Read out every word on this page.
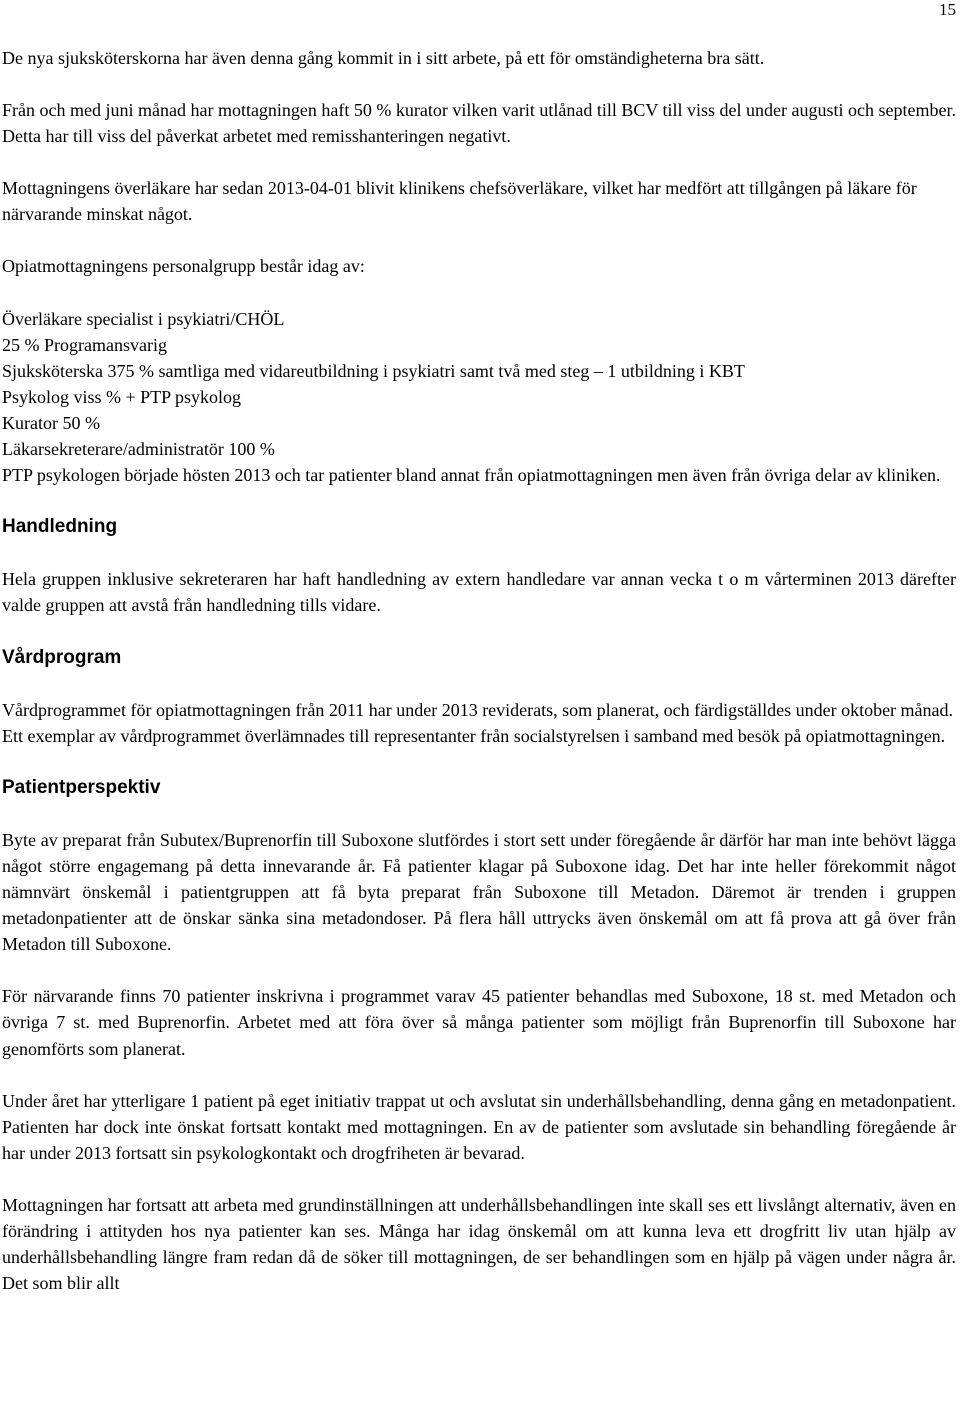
15

De nya sjuksköterskorna har även denna gång kommit in i sitt arbete, på ett för omständigheterna bra sätt.

Från och med juni månad har mottagningen haft 50 % kurator vilken varit utlånad till BCV till viss del under augusti och september. Detta har till viss del påverkat arbetet med remisshanteringen negativt.

Mottagningens överläkare har sedan 2013-04-01 blivit klinikens chefsöverläkare, vilket har medfört att tillgången på läkare för närvarande minskat något.

Opiatmottagningens personalgrupp består idag av:

Överläkare specialist i psykiatri/CHÖL
25 % Programansvarig
Sjuksköterska 375 % samtliga med vidareutbildning i psykiatri samt två med steg – 1 utbildning i KBT
Psykolog viss % + PTP psykolog
Kurator 50 %
Läkarsekreterare/administratör 100 %
PTP psykologen började hösten 2013 och tar patienter bland annat från opiatmottagningen men även från övriga delar av kliniken.
Handledning

Hela gruppen inklusive sekreteraren har haft handledning av extern handledare var annan vecka t o m vårterminen 2013 därefter valde gruppen att avstå från handledning tills vidare.

Vårdprogram

Vårdprogrammet för opiatmottagningen från 2011 har under 2013 reviderats, som planerat, och färdigställdes under oktober månad. Ett exemplar av vårdprogrammet överlämnades till representanter från socialstyrelsen i samband med besök på opiatmottagningen.

Patientperspektiv

Byte av preparat från Subutex/Buprenorfin till Suboxone slutfördes i stort sett under föregående år därför har man inte behövt lägga något större engagemang på detta innevarande år. Få patienter klagar på Suboxone idag. Det har inte heller förekommit något nämnvärt önskemål i patientgruppen att få byta preparat från Suboxone till Metadon. Däremot är trenden i gruppen metadonpatienter att de önskar sänka sina metadondoser. På flera håll uttrycks även önskemål om att få prova att gå över från Metadon till Suboxone.

För närvarande finns 70 patienter inskrivna i programmet varav 45 patienter behandlas med Suboxone, 18 st. med Metadon och övriga 7 st. med Buprenorfin. Arbetet med att föra över så många patienter som möjligt från Buprenorfin till Suboxone har genomförts som planerat.

Under året har ytterligare 1 patient på eget initiativ trappat ut och avslutat sin underhållsbehandling, denna gång en metadonpatient. Patienten har dock inte önskat fortsatt kontakt med mottagningen. En av de patienter som avslutade sin behandling föregående år har under 2013 fortsatt sin psykologkontakt och drogfriheten är bevarad.

Mottagningen har fortsatt att arbeta med grundinställningen att underhållsbehandlingen inte skall ses ett livslångt alternativ, även en förändring i attityden hos nya patienter kan ses. Många har idag önskemål om att kunna leva ett drogfritt liv utan hjälp av underhållsbehandling längre fram redan då de söker till mottagningen, de ser behandlingen som en hjälp på vägen under några år. Det som blir allt
